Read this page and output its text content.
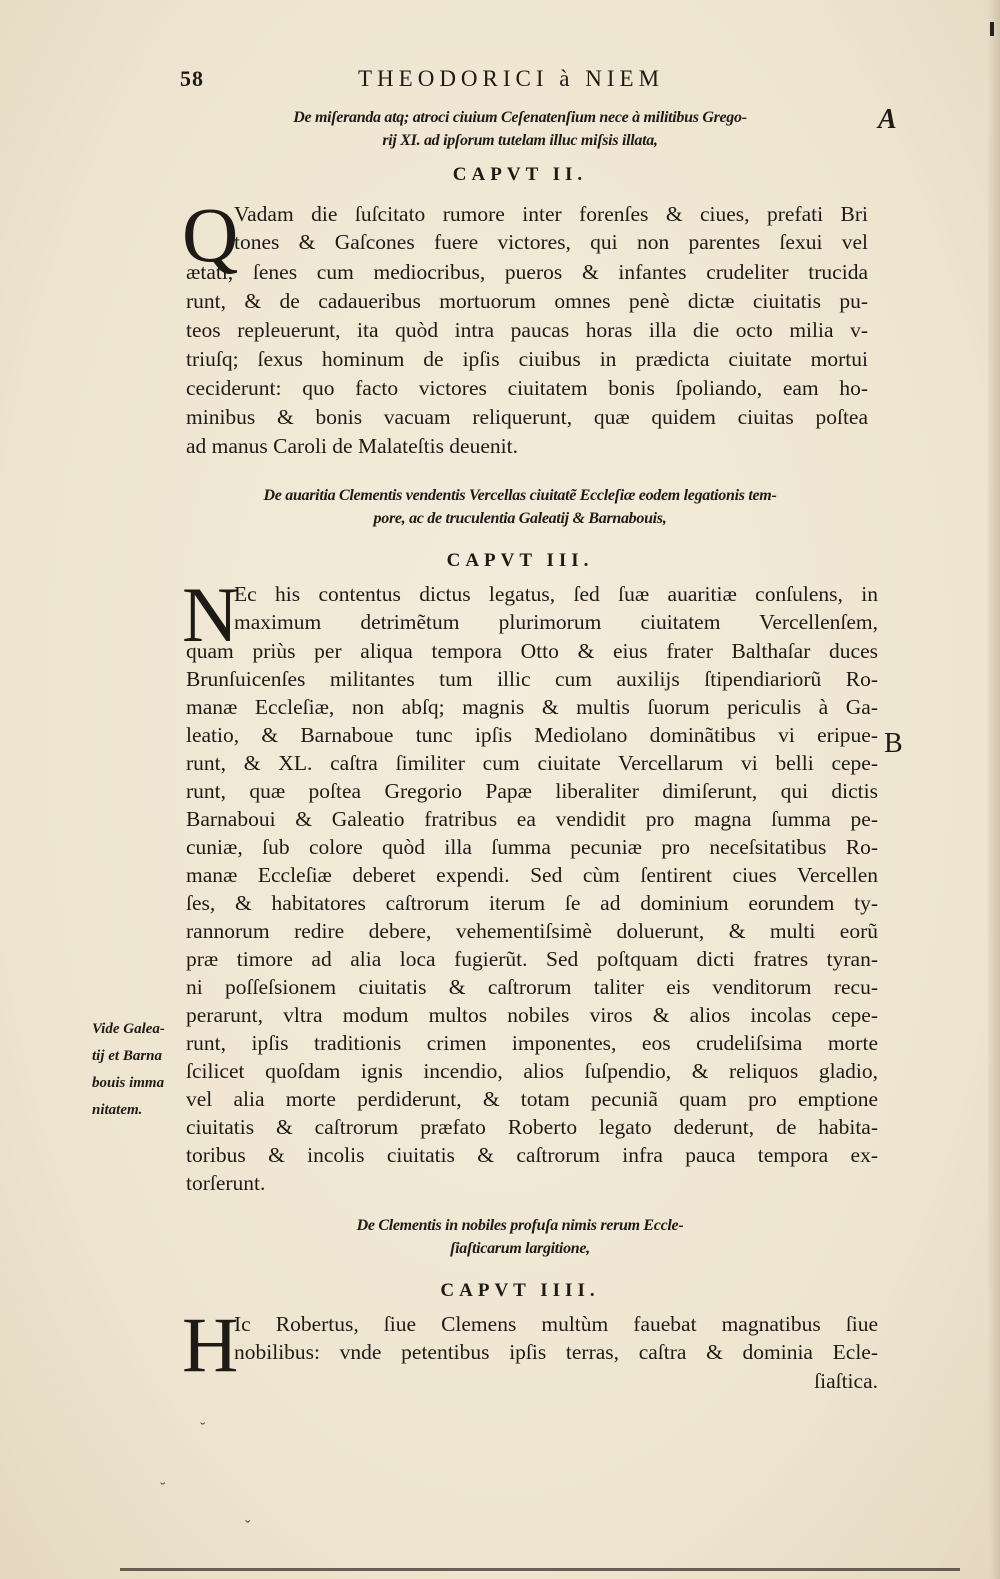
58	THEODORICI à NIEM
A
B
De miſeranda atq; atroci ciuium Ceſenatenſium nece à militibus Grego-
rij XI. ad ipſorum tutelam illuc miſsis illata,
CAPVT II.
Q
Vadam die ſuſcitato rumore inter forenſes & ciues, prefati Bri
tones & Gaſcones fuere victores, qui non parentes ſexui vel
ætati, ſenes cum mediocribus, pueros & infantes crudeliter trucida
runt, & de cadaueribus mortuorum omnes penè dictæ ciuitatis pu-
teos repleuerunt, ita quòd intra paucas horas illa die octo milia v-
triuſq; ſexus hominum de ipſis ciuibus in prædicta ciuitate mortui
ceciderunt: quo facto victores ciuitatem bonis ſpoliando, eam ho-
minibus & bonis vacuam reliquerunt, quæ quidem ciuitas poſtea
ad manus Caroli de Malateſtis deuenit.
De auaritia Clementis vendentis Vercellas ciuitatẽ Eccleſiæ eodem legationis tem-
pore, ac de truculentia Galeatij & Barnabouis,
CAPVT III.
N
Ec his contentus dictus legatus, ſed ſuæ auaritiæ conſulens, in
maximum detrimẽtum plurimorum ciuitatem Vercellenſem,
quam priùs per aliqua tempora Otto & eius frater Balthaſar duces
Brunſuicenſes militantes tum illic cum auxilijs ſtipendiariorũ Ro-
manæ Eccleſiæ, non abſq; magnis & multis ſuorum periculis à Ga-
leatio, & Barnaboue tunc ipſis Mediolano dominãtibus vi eripue-
runt, & XL. caſtra ſimiliter cum ciuitate Vercellarum vi belli cepe-
runt, quæ poſtea Gregorio Papæ liberaliter dimiſerunt, qui dictis
Barnaboui & Galeatio fratribus ea vendidit pro magna ſumma pe-
cuniæ, ſub colore quòd illa ſumma pecuniæ pro neceſsitatibus Ro-
manæ Eccleſiæ deberet expendi. Sed cùm ſentirent ciues Vercellen
ſes, & habitatores caſtrorum iterum ſe ad dominium eorundem ty-
rannorum redire debere, vehementiſsimè doluerunt, & multi eorũ
præ timore ad alia loca fugierũt. Sed poſtquam dicti fratres tyran-
ni poſſeſsionem ciuitatis & caſtrorum taliter eis venditorum recu-
perarunt, vltra modum multos nobiles viros & alios incolas cepe-
runt, ipſis traditionis crimen imponentes, eos crudeliſsima morte
ſcilicet quoſdam ignis incendio, alios ſuſpendio, & reliquos gladio,
vel alia morte perdiderunt, & totam pecuniã quam pro emptione
ciuitatis & caſtrorum præfato Roberto legato dederunt, de habita-
toribus & incolis ciuitatis & caſtrorum infra pauca tempora ex-
torſerunt.
Vide Galea-
tij et Barna
bouis imma
nitatem.
De Clementis in nobiles profuſa nimis rerum Eccle-
ſiaſticarum largitione,
CAPVT IIII.
H
Ic Robertus, ſiue Clemens multùm fauebat magnatibus ſiue
nobilibus: vnde petentibus ipſis terras, caſtra & dominia Ecle-
ſiaſtica.
˘
˘
ˇ
